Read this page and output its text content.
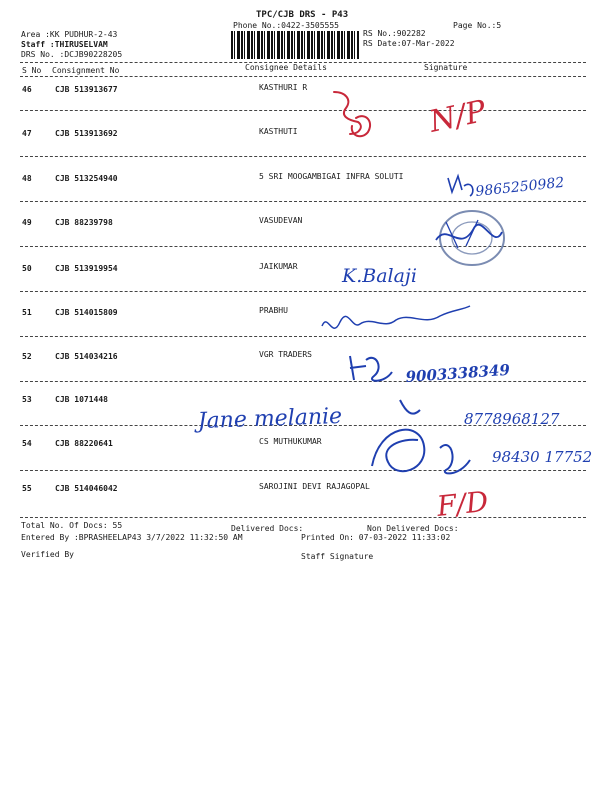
TPC/CJB DRS - P43
Phone No.:0422-3505555	Page No.:5
Area :KK PUDHUR-2-43
Staff :THIRUSELVAM
DRS No. :DCJB90228205
RS No.:902282
RS Date:07-Mar-2022
S No Consignment No	Consignee Details	Signature
46	CJB 513913677	KASTHURI R
47	CJB 513913692	KASTHUTI
48	CJB 513254940	5 SRI MOOGAMBIGAI INFRA SOLUTI
49	CJB 88239798	VASUDEVAN
50	CJB 513919954	JAIKUMAR
51	CJB 514015809	PRABHU
52	CJB 514034216	VGR TRADERS
53	CJB 1071448
54	CJB 88220641	CS MUTHUKUMAR
55	CJB 514046042	SAROJINI DEVI RAJAGOPAL
Total No. Of Docs: 55	Delivered Docs:	Non Delivered Docs:
Entered By :BPRASHEELAP43 3/7/2022 11:32:50 AM	Printed On: 07-03-2022 11:33:02
Verified By	Staff Signature
N/P
9865250982
K.Balaji
9003338349
Jane melanie	8778968127
98430 17752
F/D
